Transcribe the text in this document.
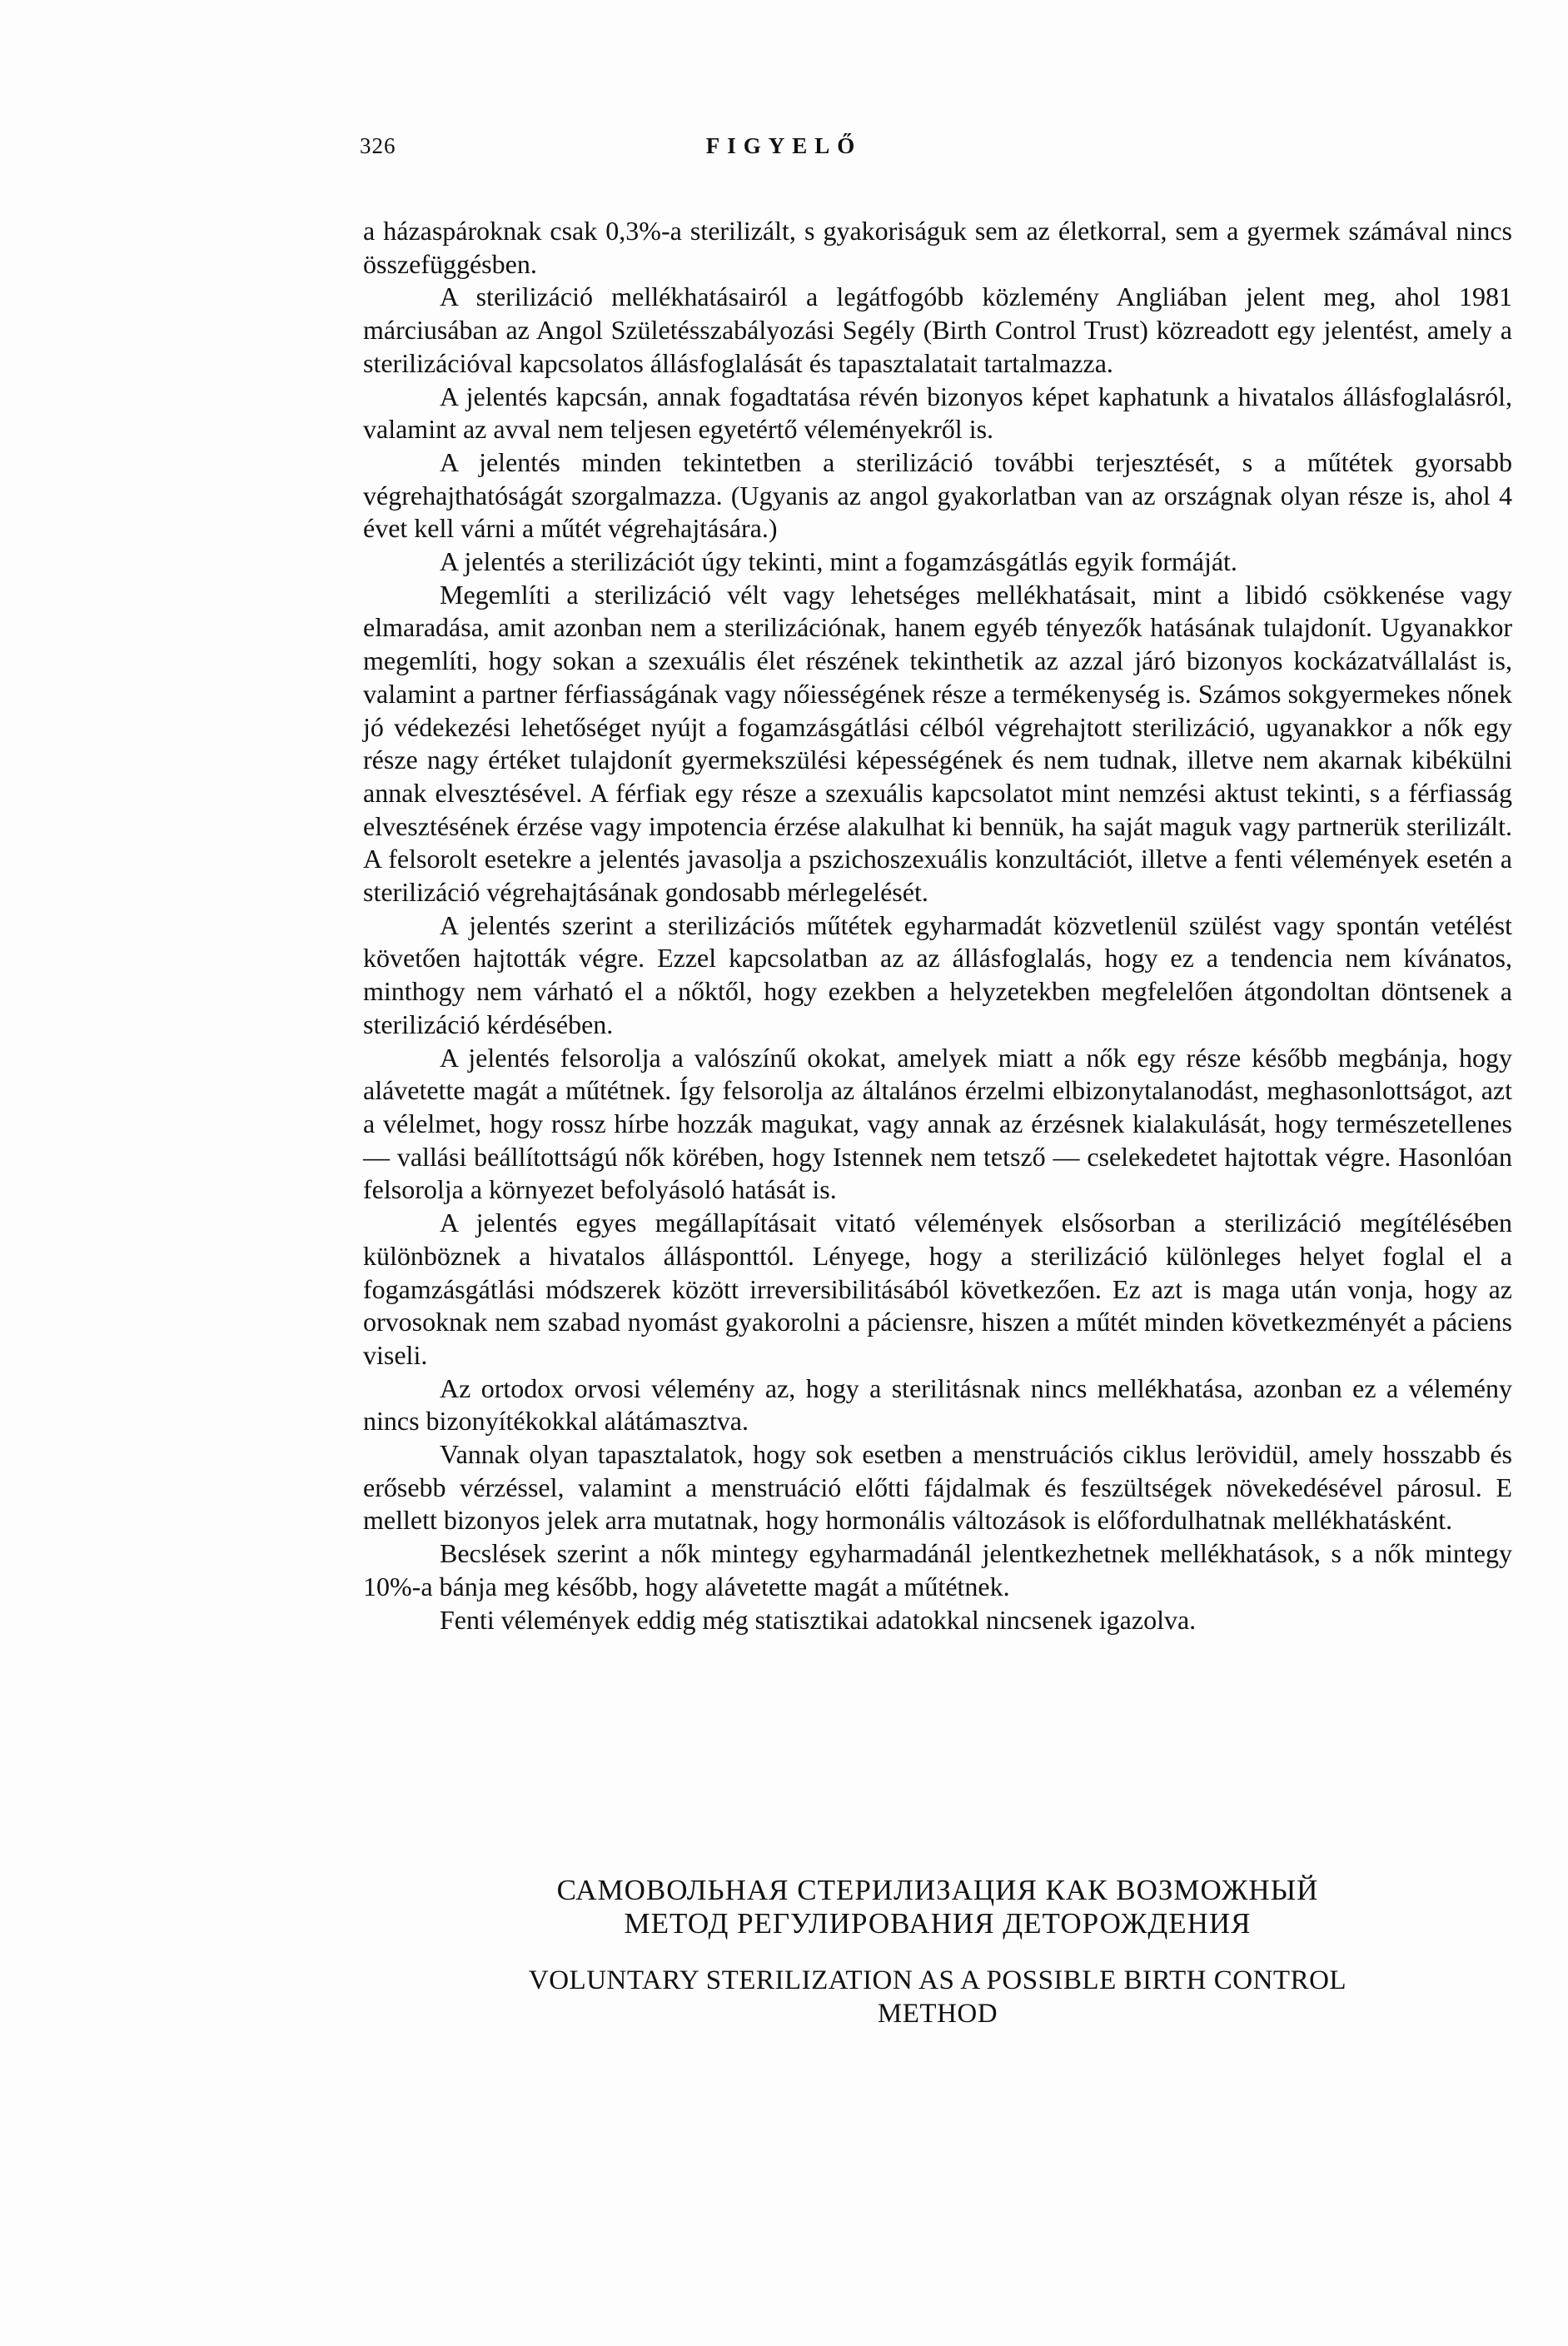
326	FIGYELŐ

a házaspároknak csak 0,3%-a sterilizált, s gyakoriságuk sem az életkorral, sem a gyermek számával nincs összefüggésben.

A sterilizáció mellékhatásairól a legátfogóbb közlemény Angliában jelent meg, ahol 1981 márciusában az Angol Születésszabályozási Segély (Birth Control Trust) közreadott egy jelentést, amely a sterilizációval kapcsolatos állásfoglalását és tapasztalatait tartalmazza.

A jelentés kapcsán, annak fogadtatása révén bizonyos képet kaphatunk a hivatalos állásfoglalásról, valamint az avval nem teljesen egyetértő véleményekről is.

A jelentés minden tekintetben a sterilizáció további terjesztését, s a műtétek gyorsabb végrehajthatóságát szorgalmazza. (Ugyanis az angol gyakorlatban van az országnak olyan része is, ahol 4 évet kell várni a műtét végrehajtására.)

A jelentés a sterilizációt úgy tekinti, mint a fogamzásgátlás egyik formáját.

Megemlíti a sterilizáció vélt vagy lehetséges mellékhatásait, mint a libidó csökkenése vagy elmaradása, amit azonban nem a sterilizációnak, hanem egyéb tényezők hatásának tulajdonít. Ugyanakkor megemlíti, hogy sokan a szexuális élet részének tekinthetik az azzal járó bizonyos kockázatvállalást is, valamint a partner férfiasságának vagy nőiességének része a termékenység is. Számos sokgyermekes nőnek jó védekezési lehetőséget nyújt a fogamzásgátlási célból végrehajtott sterilizáció, ugyanakkor a nők egy része nagy értéket tulajdonít gyermekszülési képességének és nem tudnak, illetve nem akarnak kibékülni annak elvesztésével. A férfiak egy része a szexuális kapcsolatot mint nemzési aktust tekinti, s a férfiasság elvesztésének érzése vagy impotencia érzése alakulhat ki bennük, ha saját maguk vagy partnerük sterilizált. A felsorolt esetekre a jelentés javasolja a pszichoszexuális konzultációt, illetve a fenti vélemények esetén a sterilizáció végrehajtásának gondosabb mérlegelését.

A jelentés szerint a sterilizációs műtétek egyharmadát közvetlenül szülést vagy spontán vetélést követően hajtották végre. Ezzel kapcsolatban az az állásfoglalás, hogy ez a tendencia nem kívánatos, minthogy nem várható el a nőktől, hogy ezekben a helyzetekben megfelelően átgondoltan döntsenek a sterilizáció kérdésében.

A jelentés felsorolja a valószínű okokat, amelyek miatt a nők egy része később megbánja, hogy alávetette magát a műtétnek. Így felsorolja az általános érzelmi elbizonytalanodást, meghasonlottságot, azt a vélelmet, hogy rossz hírbe hozzák magukat, vagy annak az érzésnek kialakulását, hogy természetellenes — vallási beállítottságú nők körében, hogy Istennek nem tetsző — cselekedetet hajtottak végre. Hasonlóan felsorolja a környezet befolyásoló hatását is.

A jelentés egyes megállapításait vitató vélemények elsősorban a sterilizáció megítélésében különböznek a hivatalos állásponttól. Lényege, hogy a sterilizáció különleges helyet foglal el a fogamzásgátlási módszerek között irreversibilitásából következően. Ez azt is maga után vonja, hogy az orvosoknak nem szabad nyomást gyakorolni a páciensre, hiszen a műtét minden következményét a páciens viseli.

Az ortodox orvosi vélemény az, hogy a sterilitásnak nincs mellékhatása, azonban ez a vélemény nincs bizonyítékokkal alátámasztva.

Vannak olyan tapasztalatok, hogy sok esetben a menstruációs ciklus lerövidül, amely hosszabb és erősebb vérzéssel, valamint a menstruáció előtti fájdalmak és feszültségek növekedésével párosul. E mellett bizonyos jelek arra mutatnak, hogy hormonális változások is előfordulhatnak mellékhatásként.

Becslések szerint a nők mintegy egyharmadánál jelentkezhetnek mellékhatások, s a nők mintegy 10%-a bánja meg később, hogy alávetette magát a műtétnek.

Fenti vélemények eddig még statisztikai adatokkal nincsenek igazolva.

САМОВОЛЬНАЯ СТЕРИЛИЗАЦИЯ КАК ВОЗМОЖНЫЙ
МЕТОД РЕГУЛИРОВАНИЯ ДЕТОРОЖДЕНИЯ
VOLUNTARY STERILIZATION AS A POSSIBLE BIRTH CONTROL
METHOD
